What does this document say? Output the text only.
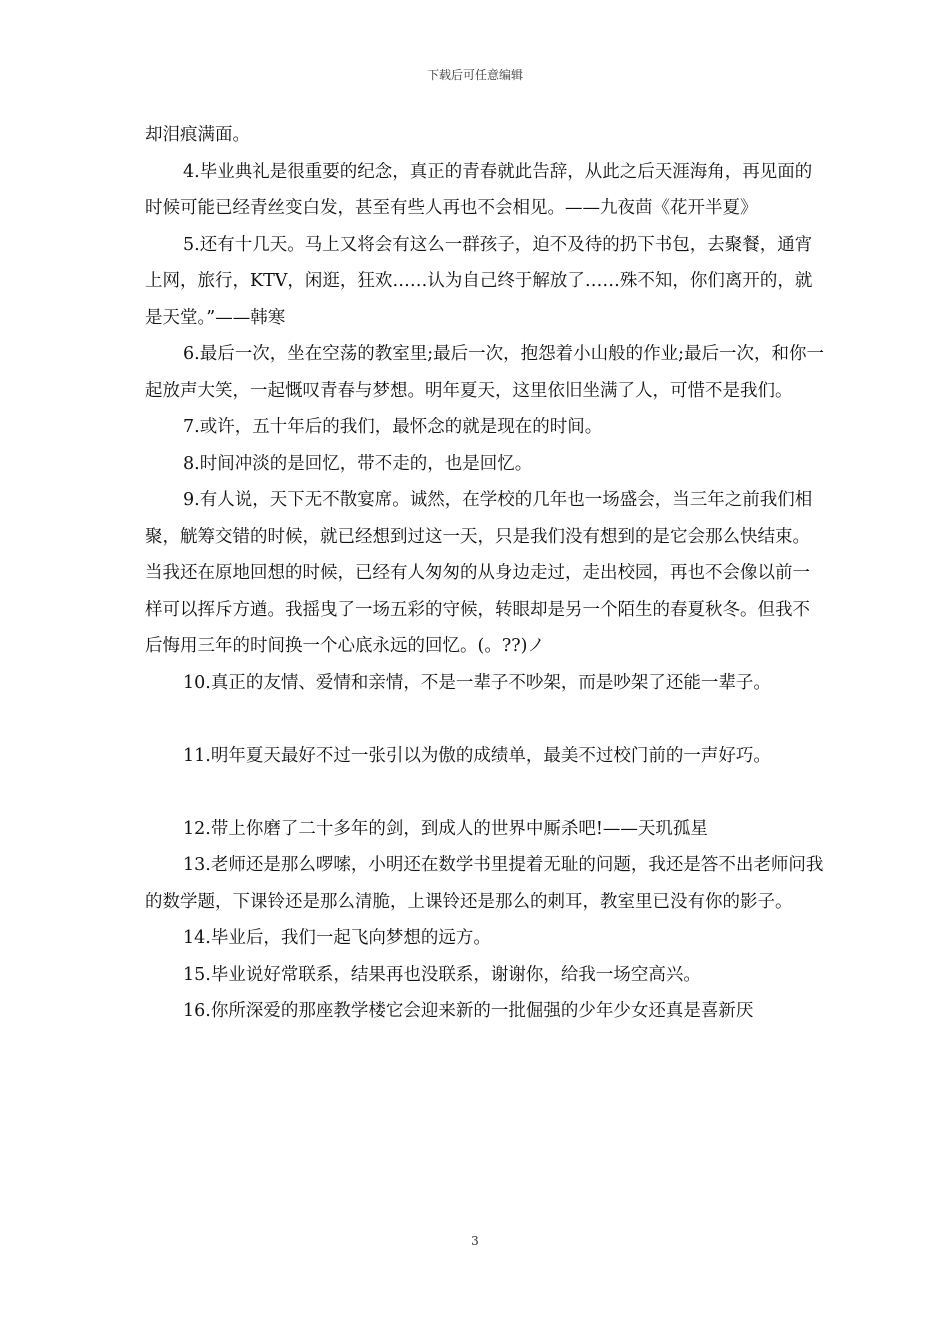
下载后可任意编辑

却泪痕满面。

4.毕业典礼是很重要的纪念，真正的青春就此告辞，从此之后天涯海角，再见面的时候可能已经青丝变白发，甚至有些人再也不会相见。——九夜茴《花开半夏》

5.还有十几天。马上又将会有这么一群孩子，迫不及待的扔下书包，去聚餐，通宵上网，旅行，KTV，闲逛，狂欢……认为自己终于解放了……殊不知，你们离开的，就是天堂。”——韩寒

6.最后一次，坐在空荡的教室里;最后一次，抱怨着小山般的作业;最后一次，和你一起放声大笑，一起慨叹青春与梦想。明年夏天，这里依旧坐满了人，可惜不是我们。

7.或许，五十年后的我们，最怀念的就是现在的时间。

8.时间冲淡的是回忆，带不走的，也是回忆。

9.有人说，天下无不散宴席。诚然，在学校的几年也一场盛会，当三年之前我们相聚，觥筹交错的时候，就已经想到过这一天，只是我们没有想到的是它会那么快结束。当我还在原地回想的时候，已经有人匆匆的从身边走过，走出校园，再也不会像以前一样可以挥斥方遒。我摇曳了一场五彩的守候，转眼却是另一个陌生的春夏秋冬。但我不后悔用三年的时间换一个心底永远的回忆。(。??)ノ

10.真正的友情、爱情和亲情，不是一辈子不吵架，而是吵架了还能一辈子。

11.明年夏天最好不过一张引以为傲的成绩单，最美不过校门前的一声好巧。

12.带上你磨了二十多年的剑，到成人的世界中厮杀吧!——天玑孤星

13.老师还是那么啰嗦，小明还在数学书里提着无耻的问题，我还是答不出老师问我的数学题，下课铃还是那么清脆，上课铃还是那么的刺耳，教室里已没有你的影子。

14.毕业后，我们一起飞向梦想的远方。

15.毕业说好常联系，结果再也没联系，谢谢你，给我一场空高兴。

16.你所深爱的那座教学楼它会迎来新的一批倔强的少年少女还真是喜新厌

3
